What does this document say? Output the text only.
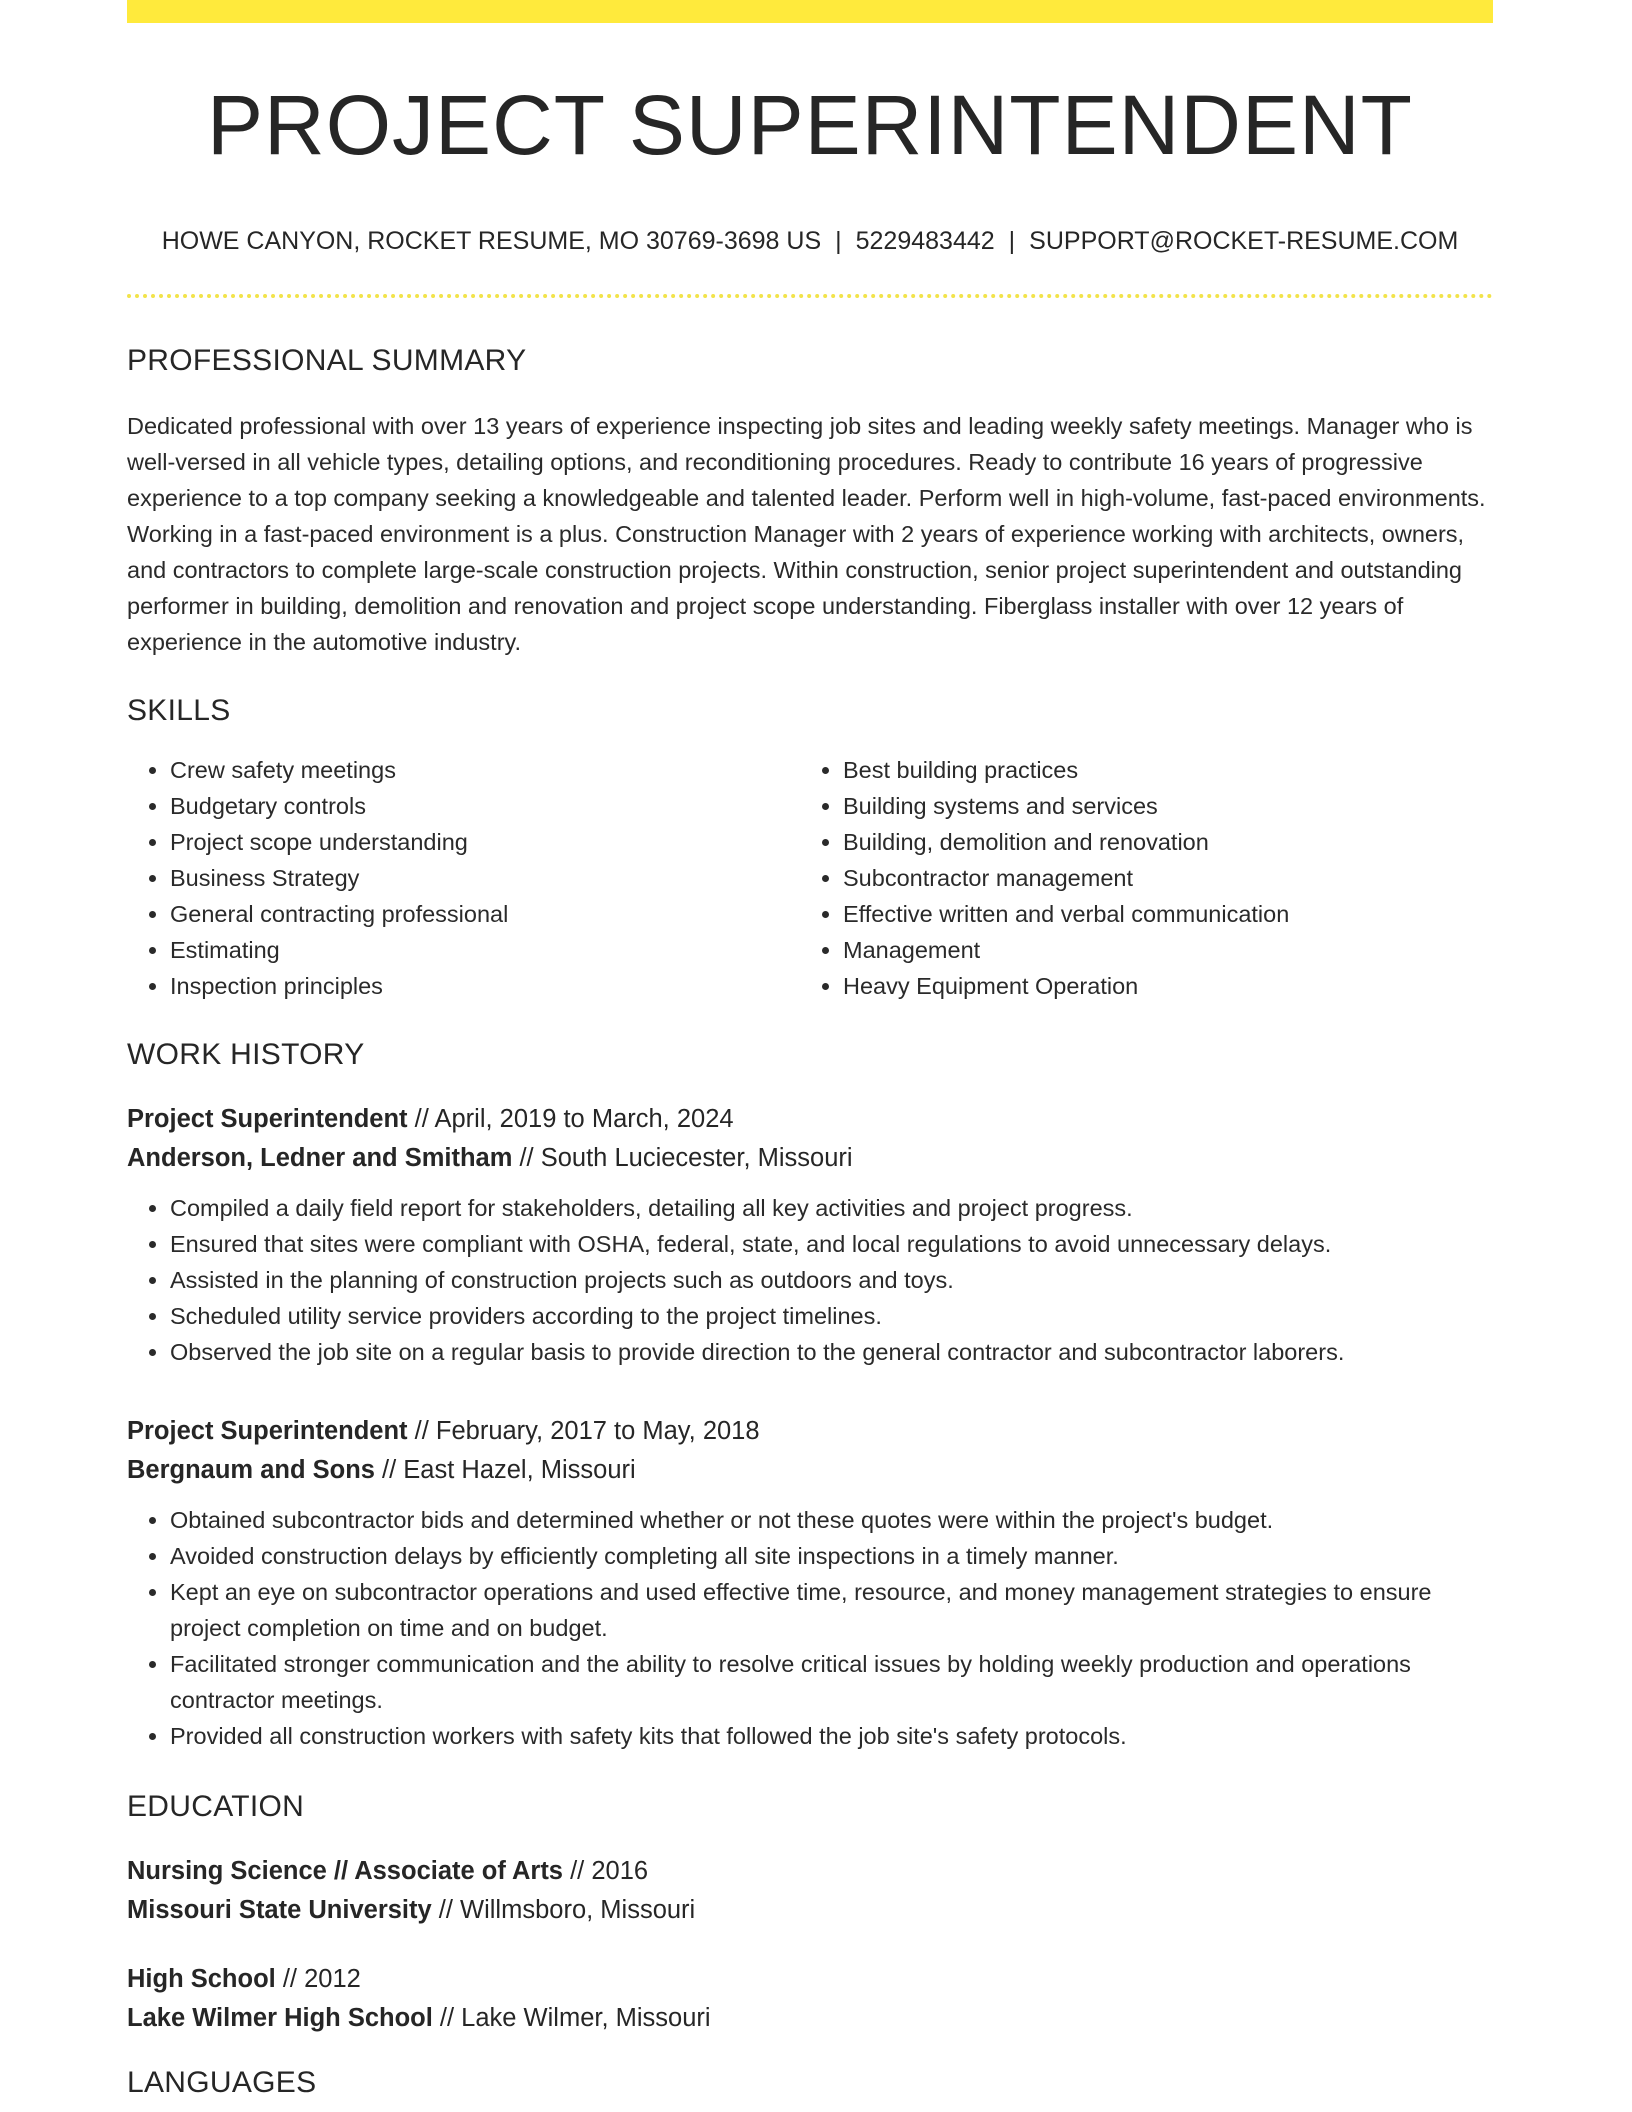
PROJECT SUPERINTENDENT
HOWE CANYON, ROCKET RESUME, MO 30769-3698 US | 5229483442 | SUPPORT@ROCKET-RESUME.COM
PROFESSIONAL SUMMARY
Dedicated professional with over 13 years of experience inspecting job sites and leading weekly safety meetings. Manager who is well-versed in all vehicle types, detailing options, and reconditioning procedures. Ready to contribute 16 years of progressive experience to a top company seeking a knowledgeable and talented leader. Perform well in high-volume, fast-paced environments. Working in a fast-paced environment is a plus. Construction Manager with 2 years of experience working with architects, owners, and contractors to complete large-scale construction projects. Within construction, senior project superintendent and outstanding performer in building, demolition and renovation and project scope understanding. Fiberglass installer with over 12 years of experience in the automotive industry.
SKILLS
• Crew safety meetings
• Budgetary controls
• Project scope understanding
• Business Strategy
• General contracting professional
• Estimating
• Inspection principles
• Best building practices
• Building systems and services
• Building, demolition and renovation
• Subcontractor management
• Effective written and verbal communication
• Management
• Heavy Equipment Operation
WORK HISTORY
Project Superintendent // April, 2019 to March, 2024
Anderson, Ledner and Smitham // South Luciecester, Missouri
• Compiled a daily field report for stakeholders, detailing all key activities and project progress.
• Ensured that sites were compliant with OSHA, federal, state, and local regulations to avoid unnecessary delays.
• Assisted in the planning of construction projects such as outdoors and toys.
• Scheduled utility service providers according to the project timelines.
• Observed the job site on a regular basis to provide direction to the general contractor and subcontractor laborers.
Project Superintendent // February, 2017 to May, 2018
Bergnaum and Sons // East Hazel, Missouri
• Obtained subcontractor bids and determined whether or not these quotes were within the project's budget.
• Avoided construction delays by efficiently completing all site inspections in a timely manner.
• Kept an eye on subcontractor operations and used effective time, resource, and money management strategies to ensure project completion on time and on budget.
• Facilitated stronger communication and the ability to resolve critical issues by holding weekly production and operations contractor meetings.
• Provided all construction workers with safety kits that followed the job site's safety protocols.
EDUCATION
Nursing Science // Associate of Arts // 2016
Missouri State University // Willmsboro, Missouri
High School // 2012
Lake Wilmer High School // Lake Wilmer, Missouri
LANGUAGES
